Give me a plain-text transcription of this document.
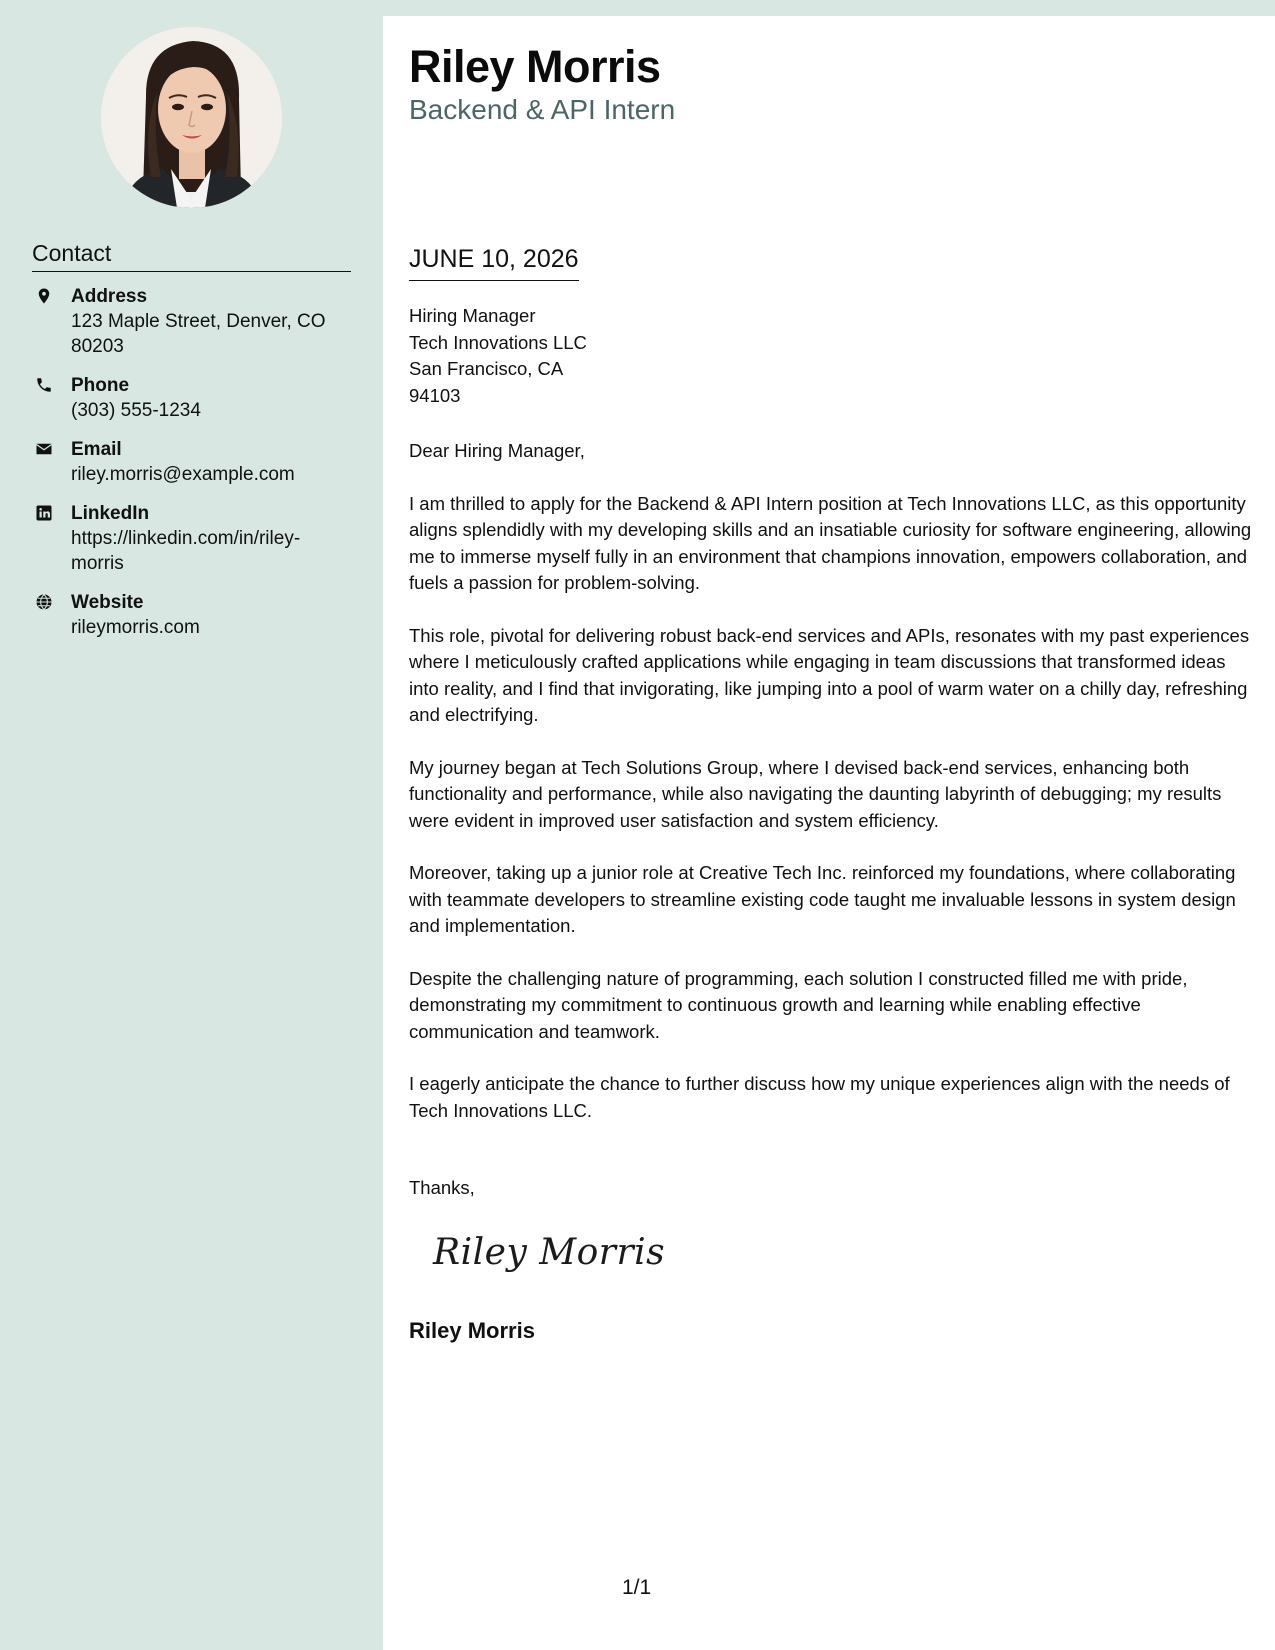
Contact
Address
123 Maple Street, Denver, CO
80203
Phone
(303) 555-1234
Email
riley.morris@example.com
LinkedIn
https://linkedin.com/in/riley-
morris
Website
rileymorris.com
Riley Morris
Backend & API Intern
JUNE 10, 2026
Hiring Manager
Tech Innovations LLC
San Francisco, CA
94103
Dear Hiring Manager,

I am thrilled to apply for the Backend & API Intern position at Tech Innovations LLC, as this opportunity aligns splendidly with my developing skills and an insatiable curiosity for software engineering, allowing me to immerse myself fully in an environment that champions innovation, empowers collaboration, and fuels a passion for problem-solving.

This role, pivotal for delivering robust back-end services and APIs, resonates with my past experiences where I meticulously crafted applications while engaging in team discussions that transformed ideas into reality, and I find that invigorating, like jumping into a pool of warm water on a chilly day, refreshing and electrifying.

My journey began at Tech Solutions Group, where I devised back-end services, enhancing both functionality and performance, while also navigating the daunting labyrinth of debugging; my results were evident in improved user satisfaction and system efficiency.

Moreover, taking up a junior role at Creative Tech Inc. reinforced my foundations, where collaborating with teammate developers to streamline existing code taught me invaluable lessons in system design and implementation.

Despite the challenging nature of programming, each solution I constructed filled me with pride, demonstrating my commitment to continuous growth and learning while enabling effective communication and teamwork.

I eagerly anticipate the chance to further discuss how my unique experiences align with the needs of Tech Innovations LLC.

Thanks,
Riley Morris
Riley Morris
1/1
